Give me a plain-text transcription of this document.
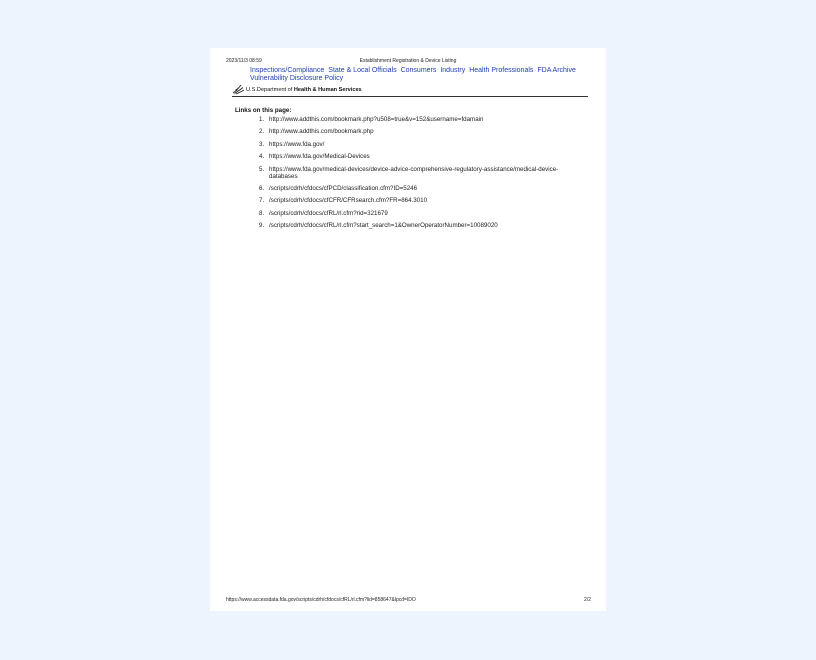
2023/11/3 08:59	Establishment Registration & Device Listing
Inspections/Compliance State & Local Officials Consumers Industry Health Professionals FDA Archive
Vulnerability Disclosure Policy
U.S.Department of Health & Human Services
Links on this page:
1. http://www.addthis.com/bookmark.php?u508=true&v=152&username=fdamain
2. http://www.addthis.com/bookmark.php
3. https://www.fda.gov/
4. https://www.fda.gov/Medical-Devices
5. https://www.fda.gov/medical-devices/device-advice-comprehensive-regulatory-assistance/medical-device-databases
6. /scripts/cdrh/cfdocs/cfPCD/classification.cfm?ID=5246
7. /scripts/cdrh/cfdocs/cfCFR/CFRsearch.cfm?FR=864.3010
8. /scripts/cdrh/cfdocs/cfRL/rl.cfm?rid=321679
9. /scripts/cdrh/cfdocs/cfRL/rl.cfm?start_search=1&OwnerOperatorNumber=10089020
https://www.accessdata.fda.gov/scripts/cdrh/cfdocs/cfRL/rl.cfm?lid=858647&lpcd=IDO	2/2
